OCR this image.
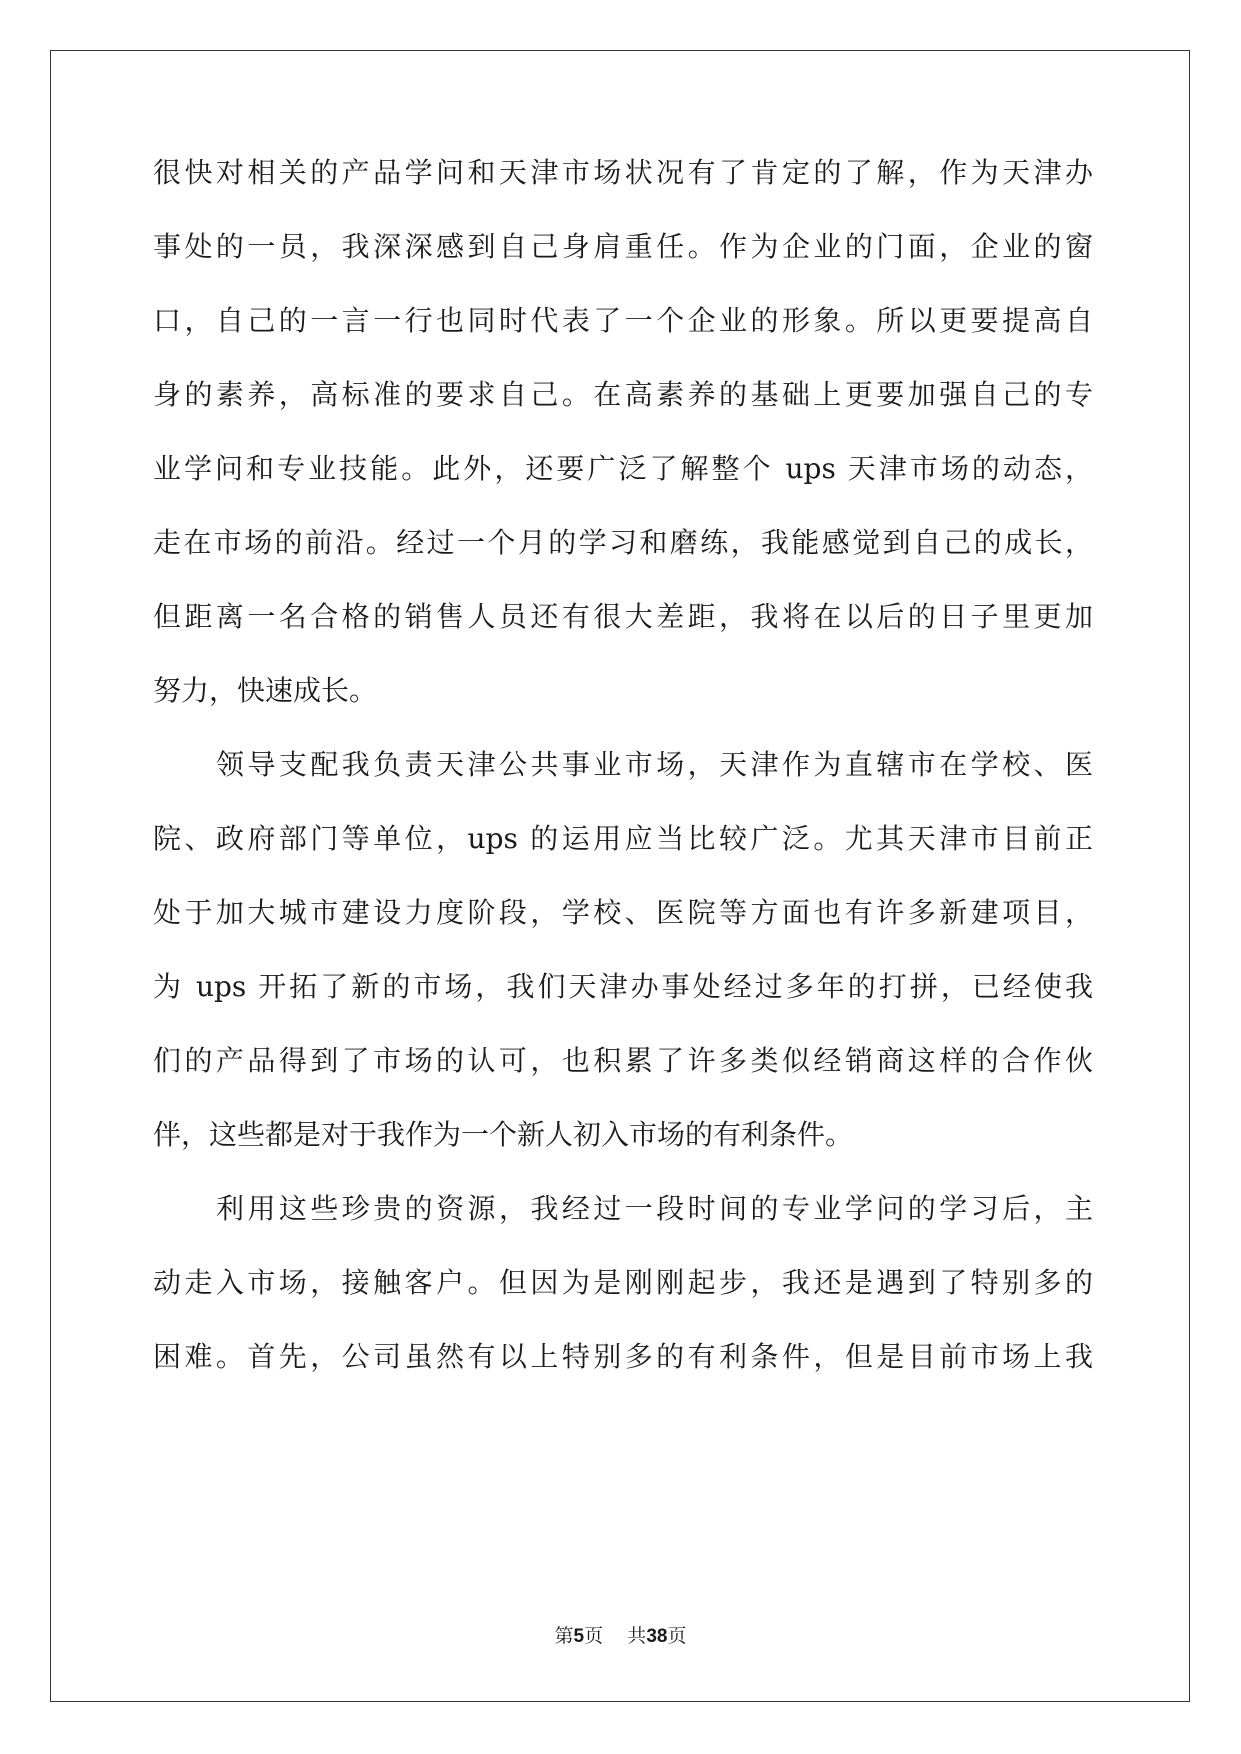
很快对相关的产品学问和天津市场状况有了肯定的了解，作为天津办
事处的一员，我深深感到自己身肩重任。作为企业的门面，企业的窗
口，自己的一言一行也同时代表了一个企业的形象。所以更要提高自
身的素养，高标准的要求自己。在高素养的基础上更要加强自己的专
业学问和专业技能。此外，还要广泛了解整个 ups 天津市场的动态，
走在市场的前沿。经过一个月的学习和磨练，我能感觉到自己的成长，
但距离一名合格的销售人员还有很大差距，我将在以后的日子里更加
努力，快速成长。
领导支配我负责天津公共事业市场，天津作为直辖市在学校、医
院、政府部门等单位，ups 的运用应当比较广泛。尤其天津市目前正
处于加大城市建设力度阶段，学校、医院等方面也有许多新建项目，
为 ups 开拓了新的市场，我们天津办事处经过多年的打拼，已经使我
们的产品得到了市场的认可，也积累了许多类似经销商这样的合作伙
伴，这些都是对于我作为一个新人初入市场的有利条件。
利用这些珍贵的资源，我经过一段时间的专业学问的学习后，主
动走入市场，接触客户。但因为是刚刚起步，我还是遇到了特别多的
困难。首先，公司虽然有以上特别多的有利条件，但是目前市场上我
第5页 共38页
